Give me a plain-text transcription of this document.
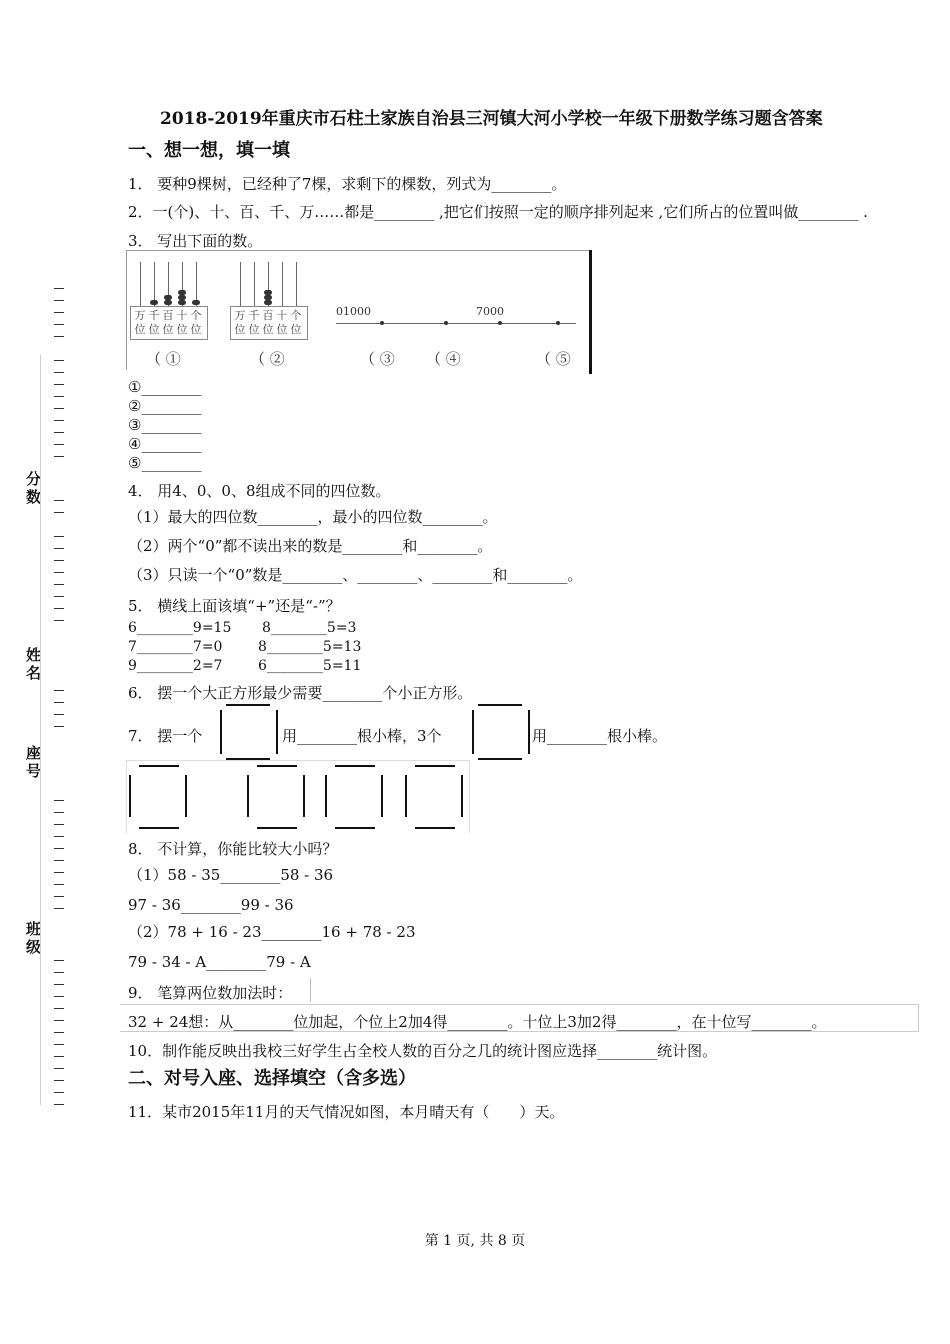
分数
姓名
座号
班级
2018-2019年重庆市石柱土家族自治县三河镇大河小学校一年级下册数学练习题含答案
一、想一想，填一填
1． 要种9棵树，已经种了7棵，求剩下的棵数，列式为________。
2．一(个)、十、百、千、万……都是________ ,把它们按照一定的顺序排列起来 ,它们所占的位置叫做________ .
3． 写出下面的数。
万
位
千
位
百
位
十
位
个
位
万
位
千
位
百
位
十
位
个
位
01000	7000
（ ①	（ ②	（ ③ （ ④	（ ⑤
①________
②________
③________
④________
⑤________
4． 用4、0、0、8组成不同的四位数。
（1）最大的四位数________，最小的四位数________。
（2）两个“0”都不读出来的数是________和________。
（3）只读一个“0”数是________、________、________和________。
5． 横线上面该填“+”还是“-”？
6________9=15 8________5=3
7________7=0	8________5=13
9________2=7	6________5=11
6． 摆一个大正方形最少需要________个小正方形。
7． 摆一个	用________根小棒，3个	用________根小棒。
8． 不计算，你能比较大小吗？
（1）58 - 35________58 - 36
97 - 36________99 - 36
（2）78 + 16 - 23________16 + 78 - 23
79 - 34 - A________79 - A
9． 笔算两位数加法时：
32 + 24想：从________位加起，个位上2加4得________。十位上3加2得________，在十位写________。
10．制作能反映出我校三好学生占全校人数的百分之几的统计图应选择________统计图。
二、对号入座、选择填空（含多选）
11．某市2015年11月的天气情况如图，本月晴天有（　　）天。
第 1 页, 共 8 页
